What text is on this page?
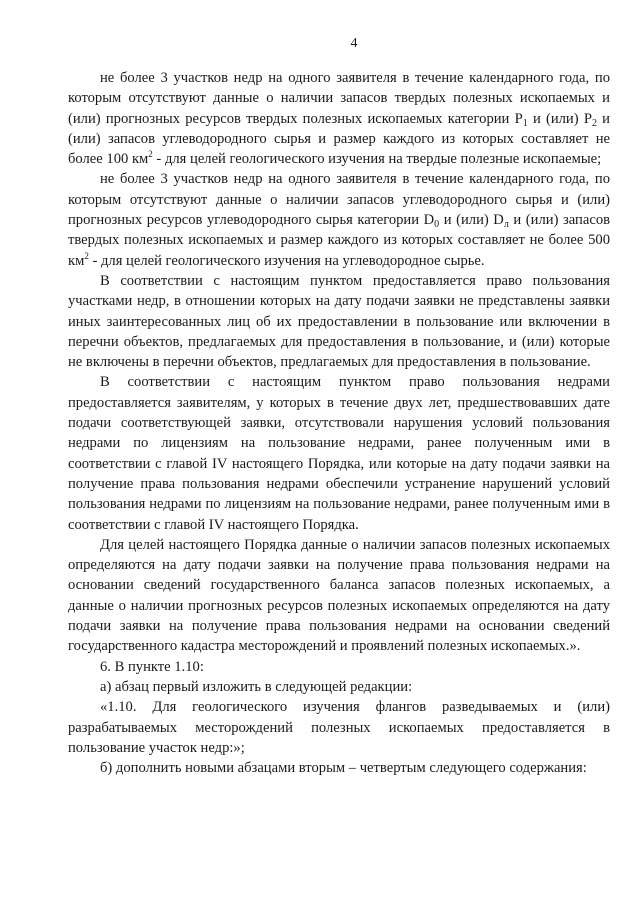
4

не более 3 участков недр на одного заявителя в течение календарного года, по которым отсутствуют данные о наличии запасов твердых полезных ископаемых и (или) прогнозных ресурсов твердых полезных ископаемых категории $Р_1$ и (или) $Р_2$ и (или) запасов углеводородного сырья и размер каждого из которых составляет не более 100 $км^2$ - для целей геологического изучения на твердые полезные ископаемые;

не более 3 участков недр на одного заявителя в течение календарного года, по которым отсутствуют данные о наличии запасов углеводородного сырья и (или) прогнозных ресурсов углеводородного сырья категории $D_0$ и (или) $D_л$ и (или) запасов твердых полезных ископаемых и размер каждого из которых составляет не более 500 $км^2$ - для целей геологического изучения на углеводородное сырье.

В соответствии с настоящим пунктом предоставляется право пользования участками недр, в отношении которых на дату подачи заявки не представлены заявки иных заинтересованных лиц об их предоставлении в пользование или включении в перечни объектов, предлагаемых для предоставления в пользование, и (или) которые не включены в перечни объектов, предлагаемых для предоставления в пользование.

В соответствии с настоящим пунктом право пользования недрами предоставляется заявителям, у которых в течение двух лет, предшествовавших дате подачи соответствующей заявки, отсутствовали нарушения условий пользования недрами по лицензиям на пользование недрами, ранее полученным ими в соответствии с главой IV настоящего Порядка, или которые на дату подачи заявки на получение права пользования недрами обеспечили устранение нарушений условий пользования недрами по лицензиям на пользование недрами, ранее полученным ими в соответствии с главой IV настоящего Порядка.

Для целей настоящего Порядка данные о наличии запасов полезных ископаемых определяются на дату подачи заявки на получение права пользования недрами на основании сведений государственного баланса запасов полезных ископаемых, а данные о наличии прогнозных ресурсов полезных ископаемых определяются на дату подачи заявки на получение права пользования недрами на основании сведений государственного кадастра месторождений и проявлений полезных ископаемых.».

6. В пункте 1.10:

а) абзац первый изложить в следующей редакции:

«1.10. Для геологического изучения флангов разведываемых и (или) разрабатываемых месторождений полезных ископаемых предоставляется в пользование участок недр:»;

б) дополнить новыми абзацами вторым – четвертым следующего содержания:
